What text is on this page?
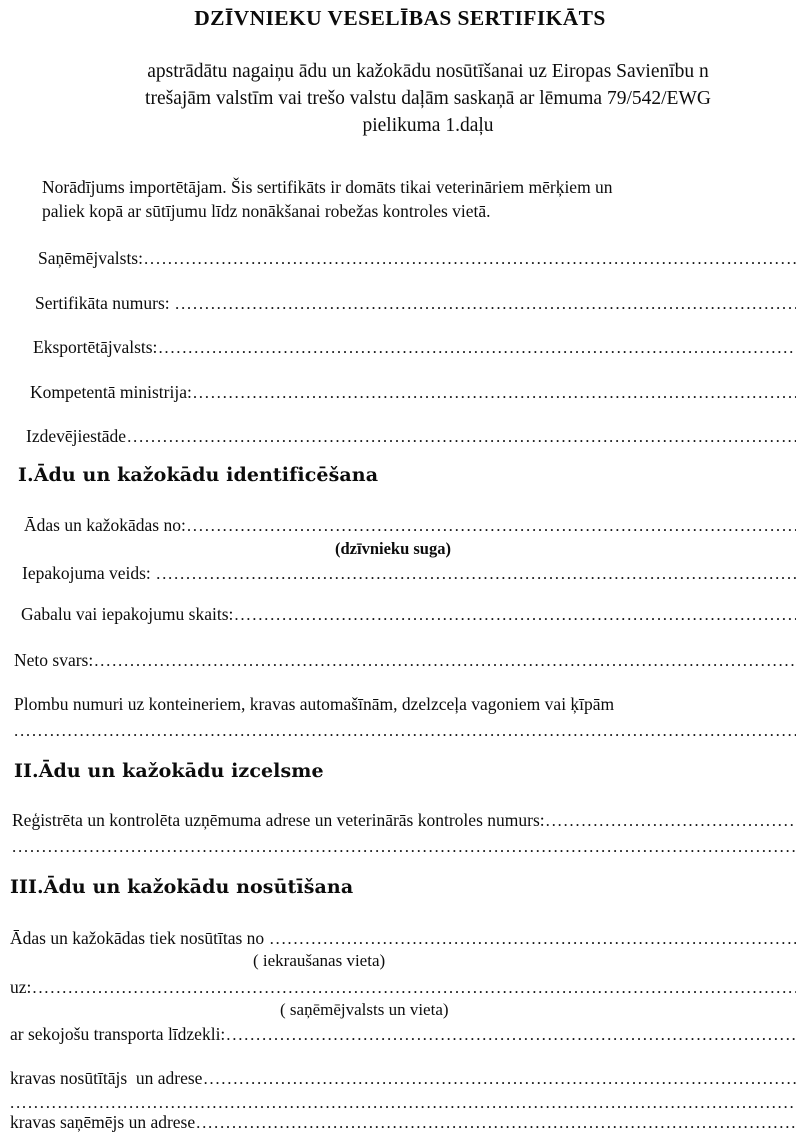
DZĪVNIEKU VESELĪBAS SERTIFIKĀTS
apstrādātu nagaiņu ādu un kažokādu nosūtīšanai uz Eiropas Savienību n
trešajām valstīm vai trešo valstu daļām saskaņā ar lēmuma 79/542/EWG
pielikuma 1.daļu
Norādījums importētājam. Šis sertifikāts ir domāts tikai veterināriem mērķiem un
paliek kopā ar sūtījumu līdz nonākšanai robežas kontroles vietā.
Saņēmējvalsts:
.....
Sertifikāta numurs:
.....
Eksportētājvalsts:
.....
Kompetentā ministrija:
.....
Izdevējiestāde
.....
I.Ādu un kažokādu identificēšana
Ādas un kažokādas no:
.....
(dzīvnieku suga)
Iepakojuma veids:
.....
Gabalu vai iepakojumu skaits:
.....
Neto svars:
.....
Plombu numuri uz konteineriem, kravas automašīnām, dzelzceļa vagoniem vai ķīpām
.....
II.Ādu un kažokādu izcelsme
Reģistrēta un kontrolēta uzņēmuma adrese un veterinārās kontroles numurs:
.....
.....
III.Ādu un kažokādu nosūtīšana
Ādas un kažokādas tiek nosūtītas no
.....
( iekraušanas vieta)
uz:
.....
( saņēmējvalsts un vieta)
ar sekojošu transporta līdzekli:
.....
kravas nosūtītājs  un adrese
.....
.....
kravas saņēmējs un adrese
.....
